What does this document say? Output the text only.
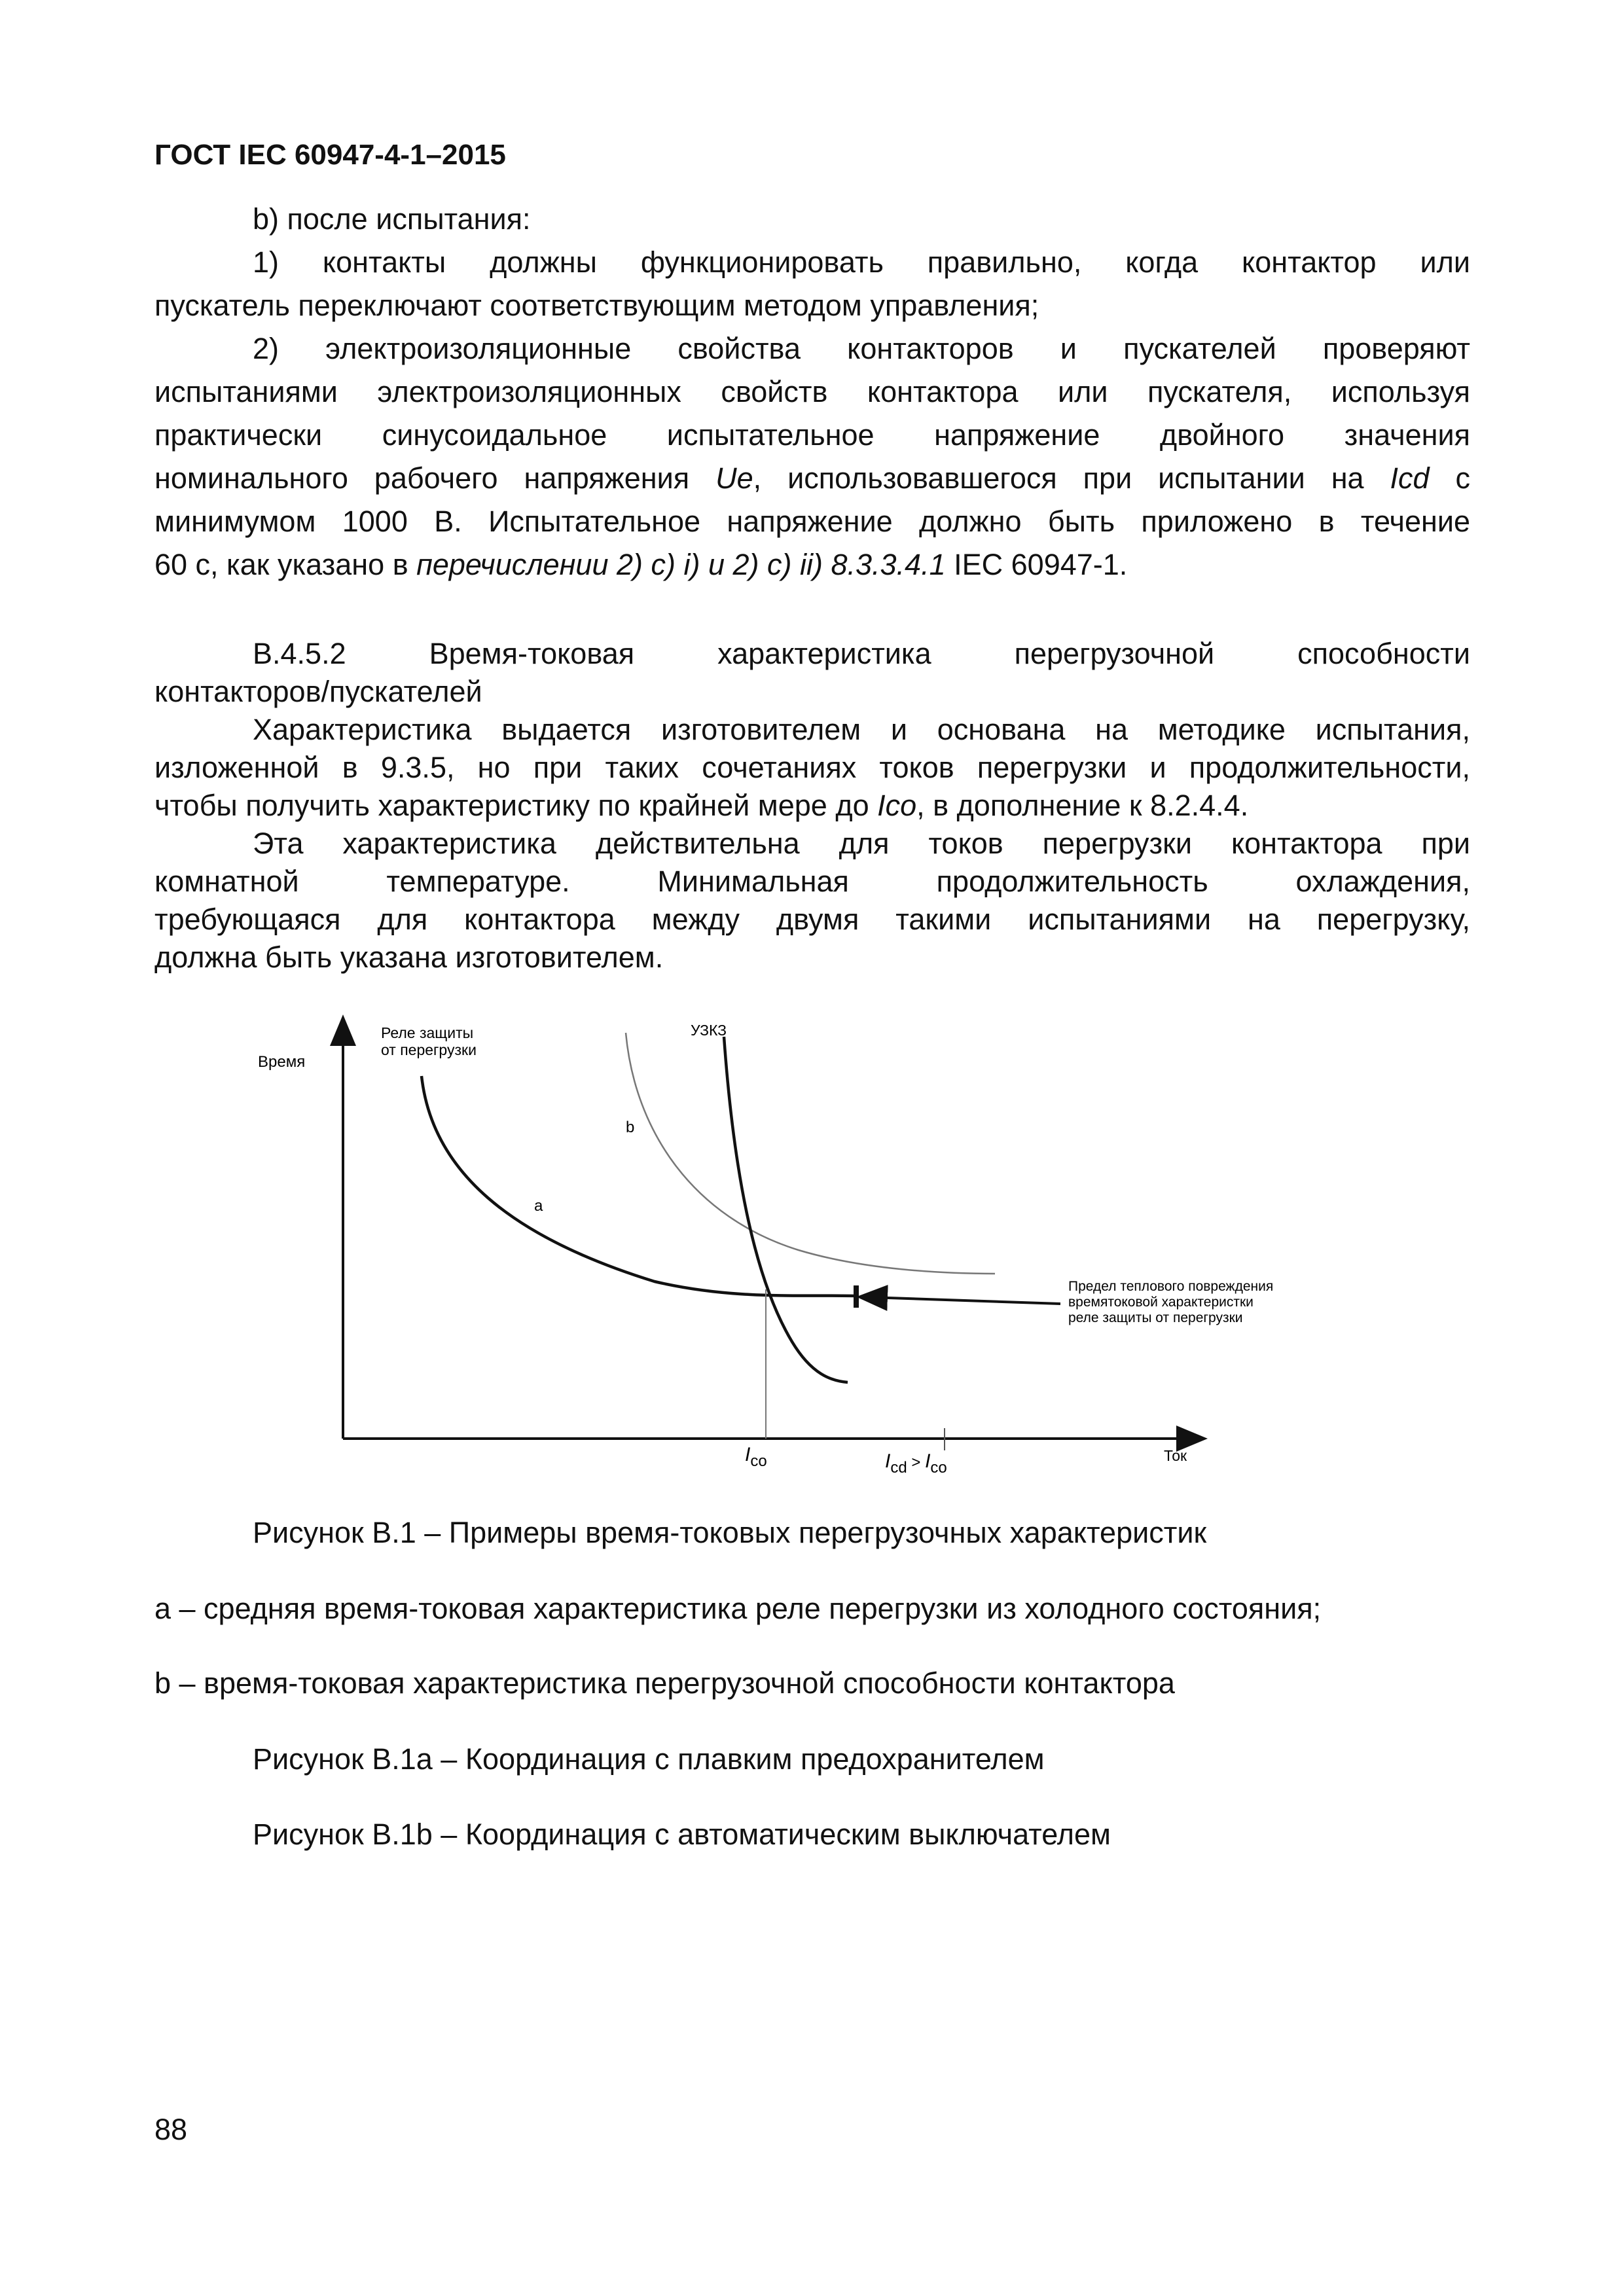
ГОСТ IEC 60947-4-1–2015

b) после испытания:

1) контакты должны функционировать правильно, когда контактор или

пускатель переключают соответствующим методом управления;

2) электроизоляционные свойства контакторов и пускателей проверяют

испытаниями электроизоляционных свойств контактора или пускателя, используя

практически синусоидальное испытательное напряжение двойного значения

номинального рабочего напряжения Ue, использовавшегося при испытании на Icd с

минимумом 1000 В. Испытательное напряжение должно быть приложено в течение

60 с, как указано в перечислении 2) c) i) и 2) c) ii) 8.3.3.4.1 IEC 60947-1.

В.4.5.2	Время-токовая	характеристика	перегрузочной	способности

контакторов/пускателей

Характеристика выдается изготовителем и основана на методике испытания,

изложенной в 9.3.5, но при таких сочетаниях токов перегрузки и продолжительности,

чтобы получить характеристику по крайней мере до Ico, в дополнение к 8.2.4.4.

Эта характеристика действительна для токов перегрузки контактора при

комнатной температуре. Минимальная продолжительность охлаждения,

требующаяся для контактора между двумя такими испытаниями на перегрузку,

должна быть указана изготовителем.

Время
Реле защиты
от перегрузки
УЗКЗ
b
a
Предел теплового повреждения
времятоковой характеристки
реле защиты от перегрузки
$I_{co}$	$I_{cd}$ > $I_{co}$
Ток
Рисунок В.1 – Примеры время-токовых перегрузочных характеристик
a – средняя время-токовая характеристика реле перегрузки из холодного состояния;
b – время-токовая характеристика перегрузочной способности контактора
Рисунок В.1a – Координация с плавким предохранителем
Рисунок В.1b – Координация с автоматическим выключателем
88
